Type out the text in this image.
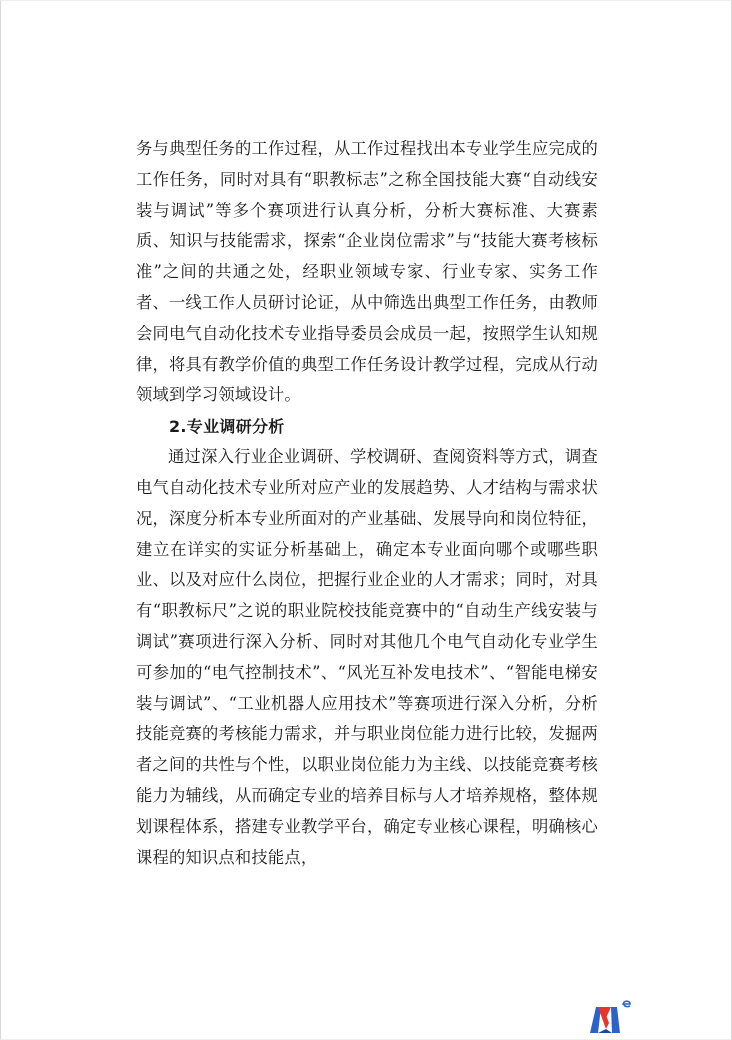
务与典型任务的工作过程，从工作过程找出本专业学生应完成的工作任务，同时对具有“职教标志”之称全国技能大赛“自动线安装与调试”等多个赛项进行认真分析，分析大赛标准、大赛素质、知识与技能需求，探索“企业岗位需求”与“技能大赛考核标准”之间的共通之处，经职业领域专家、行业专家、实务工作者、一线工作人员研讨论证，从中筛选出典型工作任务，由教师会同电气自动化技术专业指导委员会成员一起，按照学生认知规律，将具有教学价值的典型工作任务设计教学过程，完成从行动领域到学习领域设计。

2.专业调研分析

通过深入行业企业调研、学校调研、查阅资料等方式，调查电气自动化技术专业所对应产业的发展趋势、人才结构与需求状况，深度分析本专业所面对的产业基础、发展导向和岗位特征，建立在详实的实证分析基础上，确定本专业面向哪个或哪些职业、以及对应什么岗位，把握行业企业的人才需求；同时，对具有“职教标尺”之说的职业院校技能竞赛中的“自动生产线安装与调试”赛项进行深入分析、同时对其他几个电气自动化专业学生可参加的“电气控制技术”、“风光互补发电技术”、“智能电梯安装与调试”、“工业机器人应用技术”等赛项进行深入分析，分析技能竞赛的考核能力需求，并与职业岗位能力进行比较，发掘两者之间的共性与个性，以职业岗位能力为主线、以技能竞赛考核能力为辅线，从而确定专业的培养目标与人才培养规格，整体规划课程体系，搭建专业教学平台，确定专业核心课程，明确核心课程的知识点和技能点，
